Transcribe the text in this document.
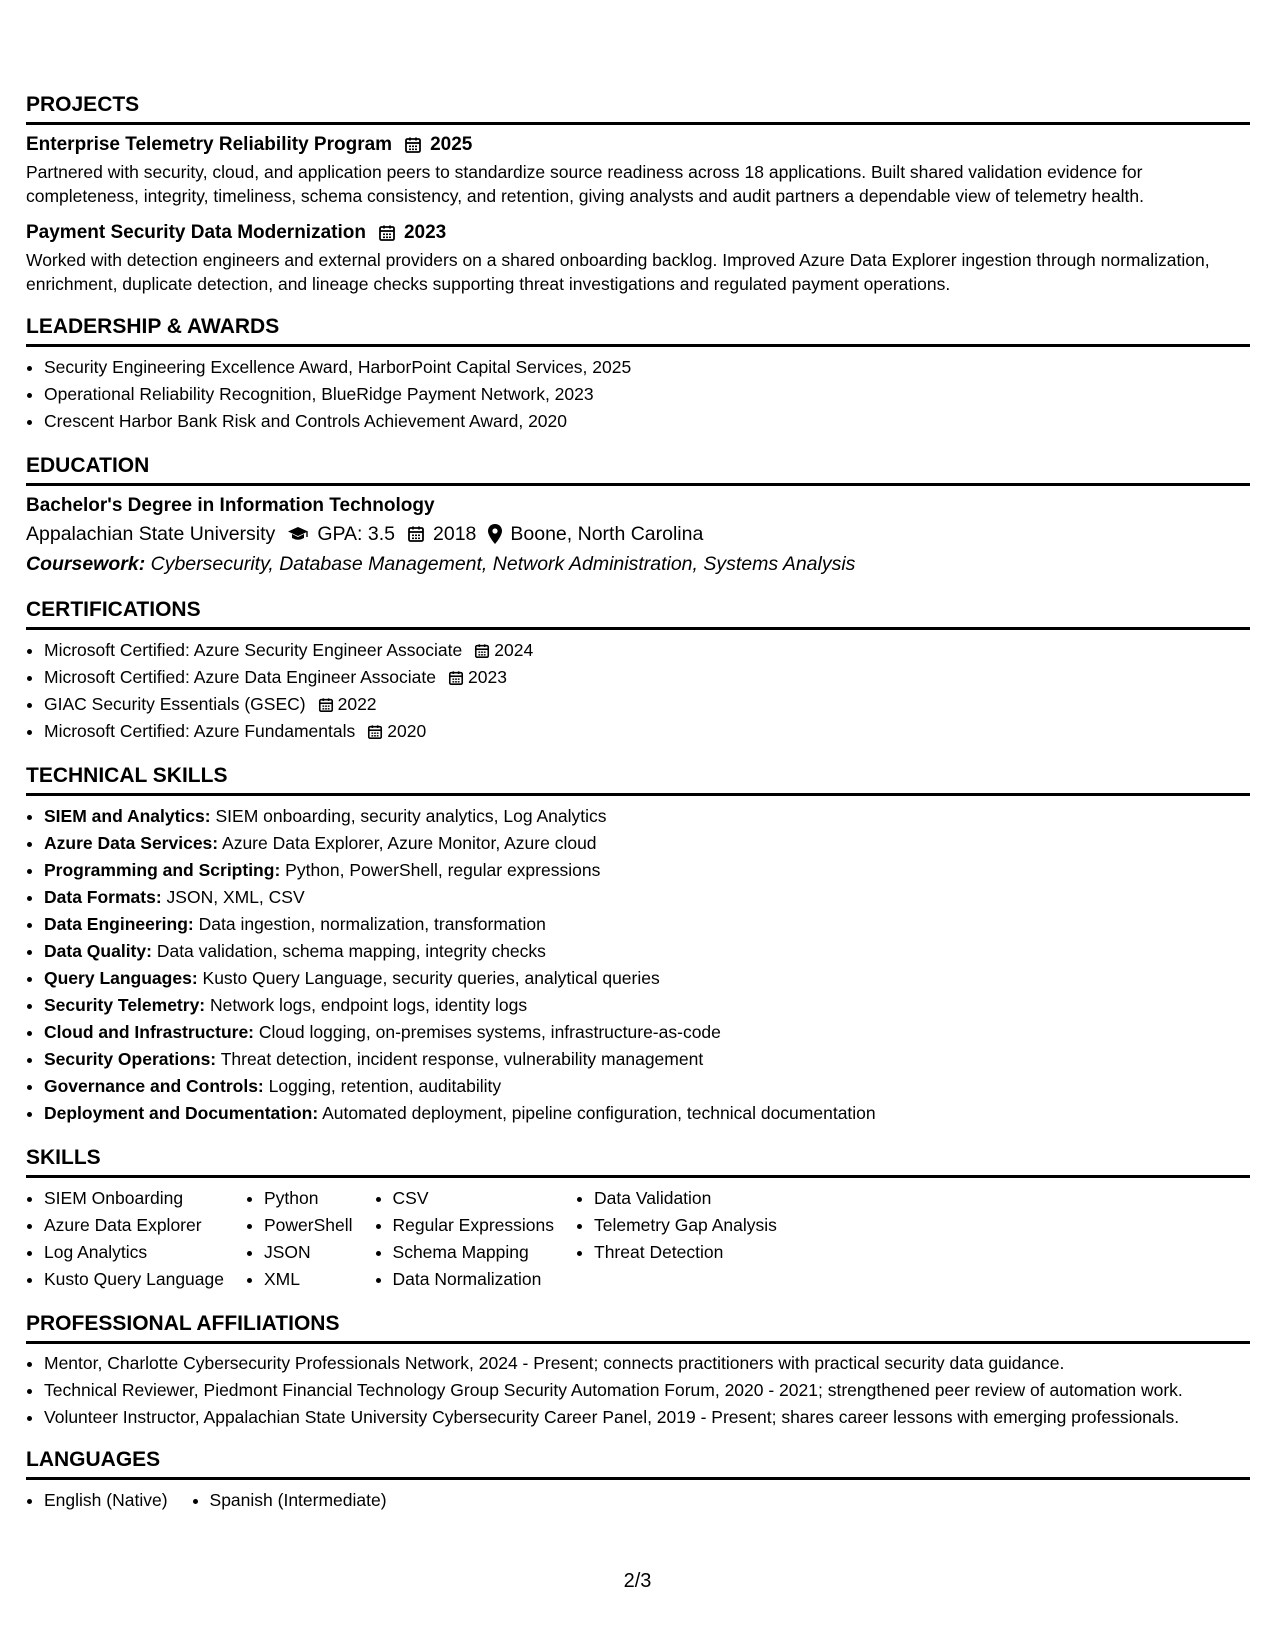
PROJECTS
Enterprise Telemetry Reliability Program 2025
Partnered with security, cloud, and application peers to standardize source readiness across 18 applications. Built shared validation evidence for completeness, integrity, timeliness, schema consistency, and retention, giving analysts and audit partners a dependable view of telemetry health.
Payment Security Data Modernization 2023
Worked with detection engineers and external providers on a shared onboarding backlog. Improved Azure Data Explorer ingestion through normalization, enrichment, duplicate detection, and lineage checks supporting threat investigations and regulated payment operations.
LEADERSHIP & AWARDS
• Security Engineering Excellence Award, HarborPoint Capital Services, 2025
• Operational Reliability Recognition, BlueRidge Payment Network, 2023
• Crescent Harbor Bank Risk and Controls Achievement Award, 2020
EDUCATION
Bachelor's Degree in Information Technology
Appalachian State University GPA: 3.5 2018 Boone, North Carolina
Coursework: Cybersecurity, Database Management, Network Administration, Systems Analysis
CERTIFICATIONS
• Microsoft Certified: Azure Security Engineer Associate 2024
• Microsoft Certified: Azure Data Engineer Associate 2023
• GIAC Security Essentials (GSEC) 2022
• Microsoft Certified: Azure Fundamentals 2020
TECHNICAL SKILLS
• SIEM and Analytics: SIEM onboarding, security analytics, Log Analytics
• Azure Data Services: Azure Data Explorer, Azure Monitor, Azure cloud
• Programming and Scripting: Python, PowerShell, regular expressions
• Data Formats: JSON, XML, CSV
• Data Engineering: Data ingestion, normalization, transformation
• Data Quality: Data validation, schema mapping, integrity checks
• Query Languages: Kusto Query Language, security queries, analytical queries
• Security Telemetry: Network logs, endpoint logs, identity logs
• Cloud and Infrastructure: Cloud logging, on-premises systems, infrastructure-as-code
• Security Operations: Threat detection, incident response, vulnerability management
• Governance and Controls: Logging, retention, auditability
• Deployment and Documentation: Automated deployment, pipeline configuration, technical documentation
SKILLS
• SIEM Onboarding
• Azure Data Explorer
• Log Analytics
• Kusto Query Language
• Python
• PowerShell
• JSON
• XML
• CSV
• Regular Expressions
• Schema Mapping
• Data Normalization
• Data Validation
• Telemetry Gap Analysis
• Threat Detection
PROFESSIONAL AFFILIATIONS
• Mentor, Charlotte Cybersecurity Professionals Network, 2024 - Present; connects practitioners with practical security data guidance.
• Technical Reviewer, Piedmont Financial Technology Group Security Automation Forum, 2020 - 2021; strengthened peer review of automation work.
• Volunteer Instructor, Appalachian State University Cybersecurity Career Panel, 2019 - Present; shares career lessons with emerging professionals.
LANGUAGES
• English (Native)
• Spanish (Intermediate)
2/3
